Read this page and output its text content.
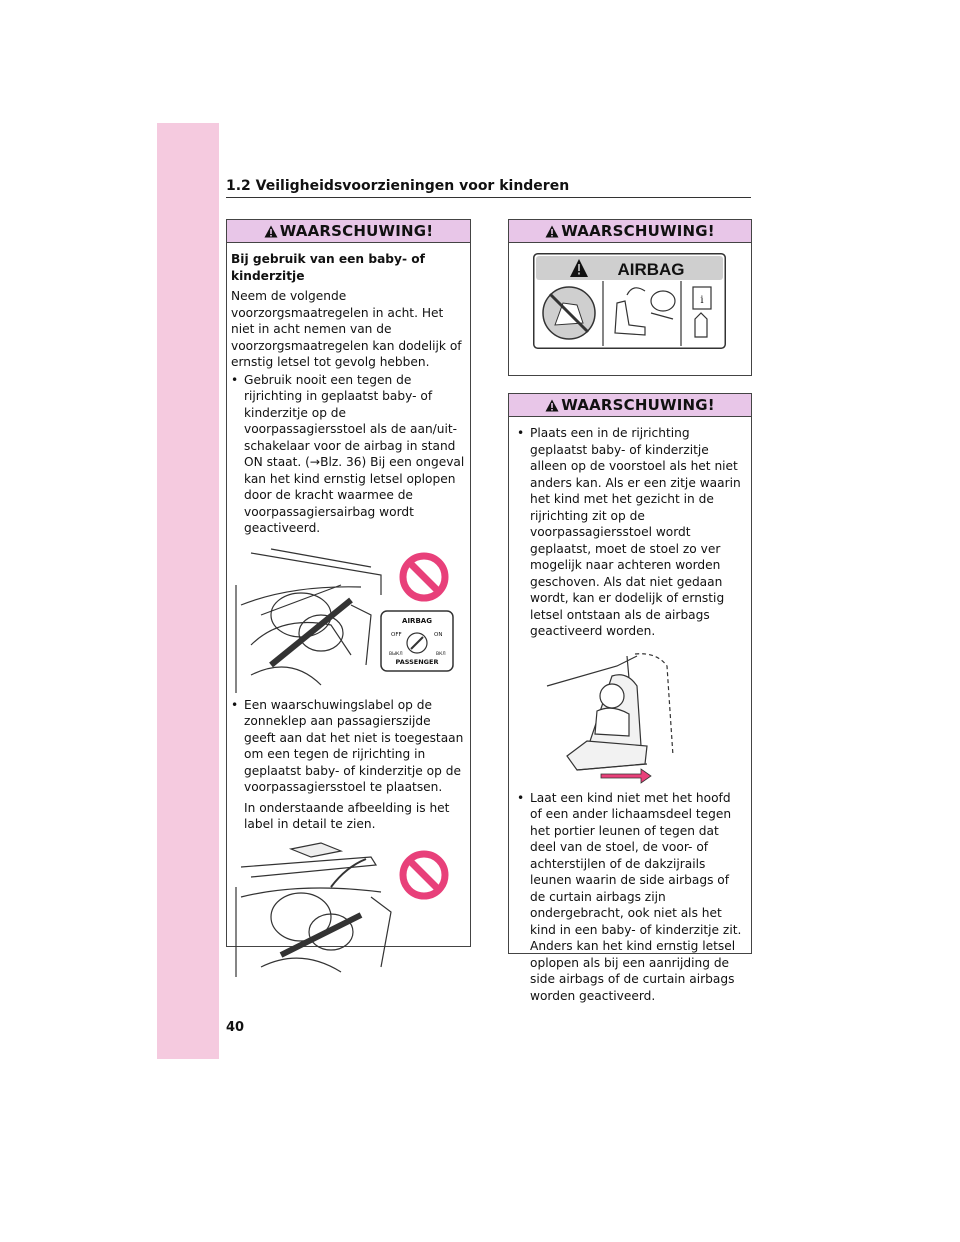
1.2 Veiligheidsvoorzieningen voor kinderen
WAARSCHUWING!
Bij gebruik van een baby- of kinderzitje
Neem de volgende voorzorgsmaatregelen in acht. Het niet in acht nemen van de voorzorgsmaatregelen kan dodelijk of ernstig letsel tot gevolg hebben.
• Gebruik nooit een tegen de rijrichting in geplaatst baby- of kinderzitje op de voorpassagiersstoel als de aan/uit-schakelaar voor de airbag in stand ON staat. (→Blz. 36) Bij een ongeval kan het kind ernstig letsel oplopen door de kracht waarmee de voorpassagiersairbag wordt geactiveerd.
AIRBAG
OFF	ON
ВЫКЛ	ВКЛ
PASSENGER
• Een waarschuwingslabel op de zonneklep aan passagierszijde geeft aan dat het niet is toegestaan om een tegen de rijrichting in geplaatst baby- of kinderzitje op de voorpassagiersstoel te plaatsen.
In onderstaande afbeelding is het label in detail te zien.
WAARSCHUWING!
AIRBAG
i
WAARSCHUWING!
• Plaats een in de rijrichting geplaatst baby- of kinderzitje alleen op de voorstoel als het niet anders kan. Als er een zitje waarin het kind met het gezicht in de rijrichting zit op de voorpassagiersstoel wordt geplaatst, moet de stoel zo ver mogelijk naar achteren worden geschoven. Als dat niet gedaan wordt, kan er dodelijk of ernstig letsel ontstaan als de airbags geactiveerd worden.
• Laat een kind niet met het hoofd of een ander lichaamsdeel tegen het portier leunen of tegen dat deel van de stoel, de voor- of achterstijlen of de dakzijrails leunen waarin de side airbags of de curtain airbags zijn ondergebracht, ook niet als het kind in een baby- of kinderzitje zit. Anders kan het kind ernstig letsel oplopen als bij een aanrijding de side airbags of de curtain airbags worden geactiveerd.
40
